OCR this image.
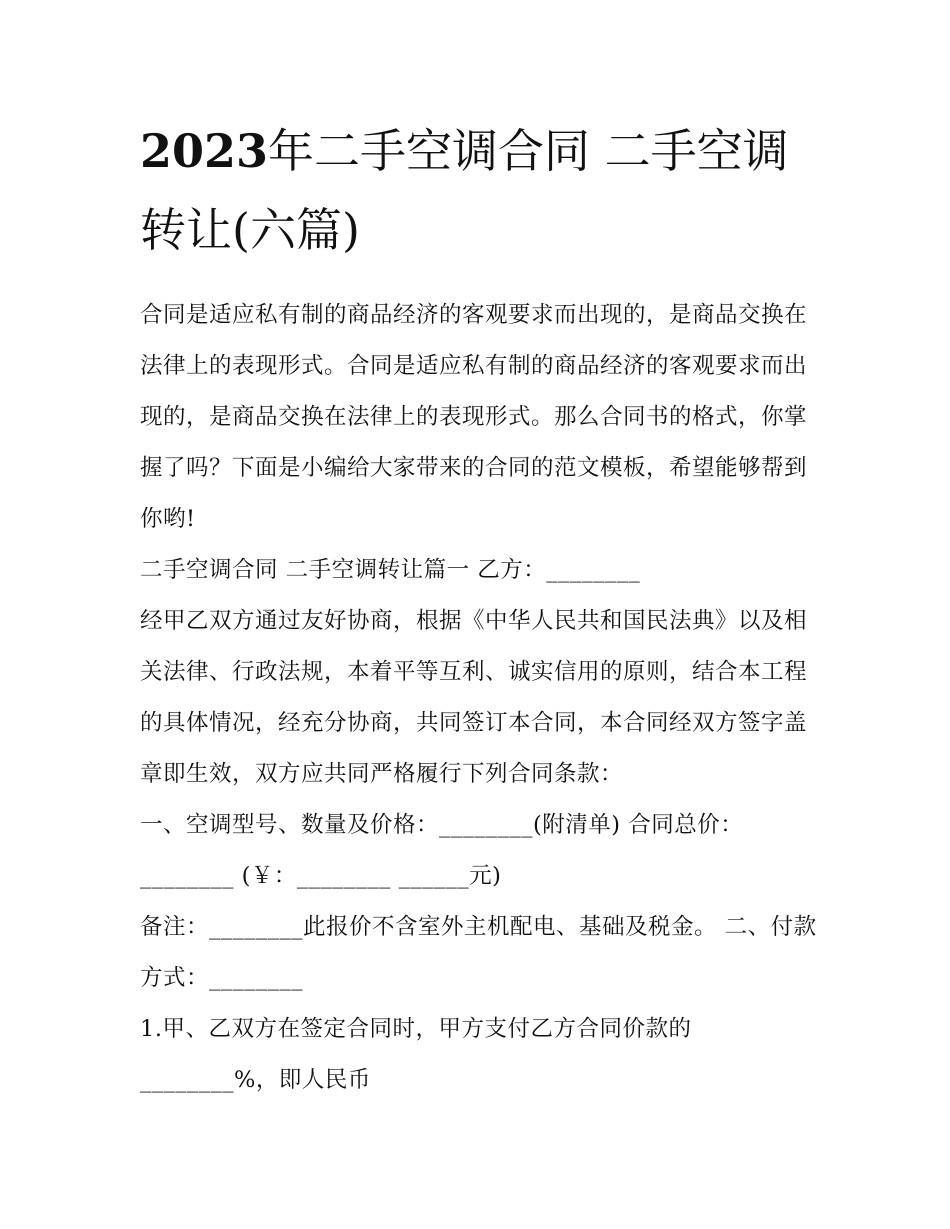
2023年二手空调合同 二手空调转让(六篇)

合同是适应私有制的商品经济的客观要求而出现的，是商品交换在法律上的表现形式。合同是适应私有制的商品经济的客观要求而出现的，是商品交换在法律上的表现形式。那么合同书的格式，你掌握了吗？下面是小编给大家带来的合同的范文模板，希望能够帮到你哟!

二手空调合同 二手空调转让篇一 乙方：________

经甲乙双方通过友好协商，根据《中华人民共和国民法典》以及相关法律、行政法规，本着平等互利、诚实信用的原则，结合本工程的具体情况，经充分协商，共同签订本合同，本合同经双方签字盖章即生效，双方应共同严格履行下列合同条款：

一、空调型号、数量及价格：________(附清单) 合同总价：________ (￥：________ ______元)

备注：________此报价不含室外主机配电、基础及税金。 二、付款方式：________

1.甲、乙双方在签定合同时，甲方支付乙方合同价款的________%，即人民币
